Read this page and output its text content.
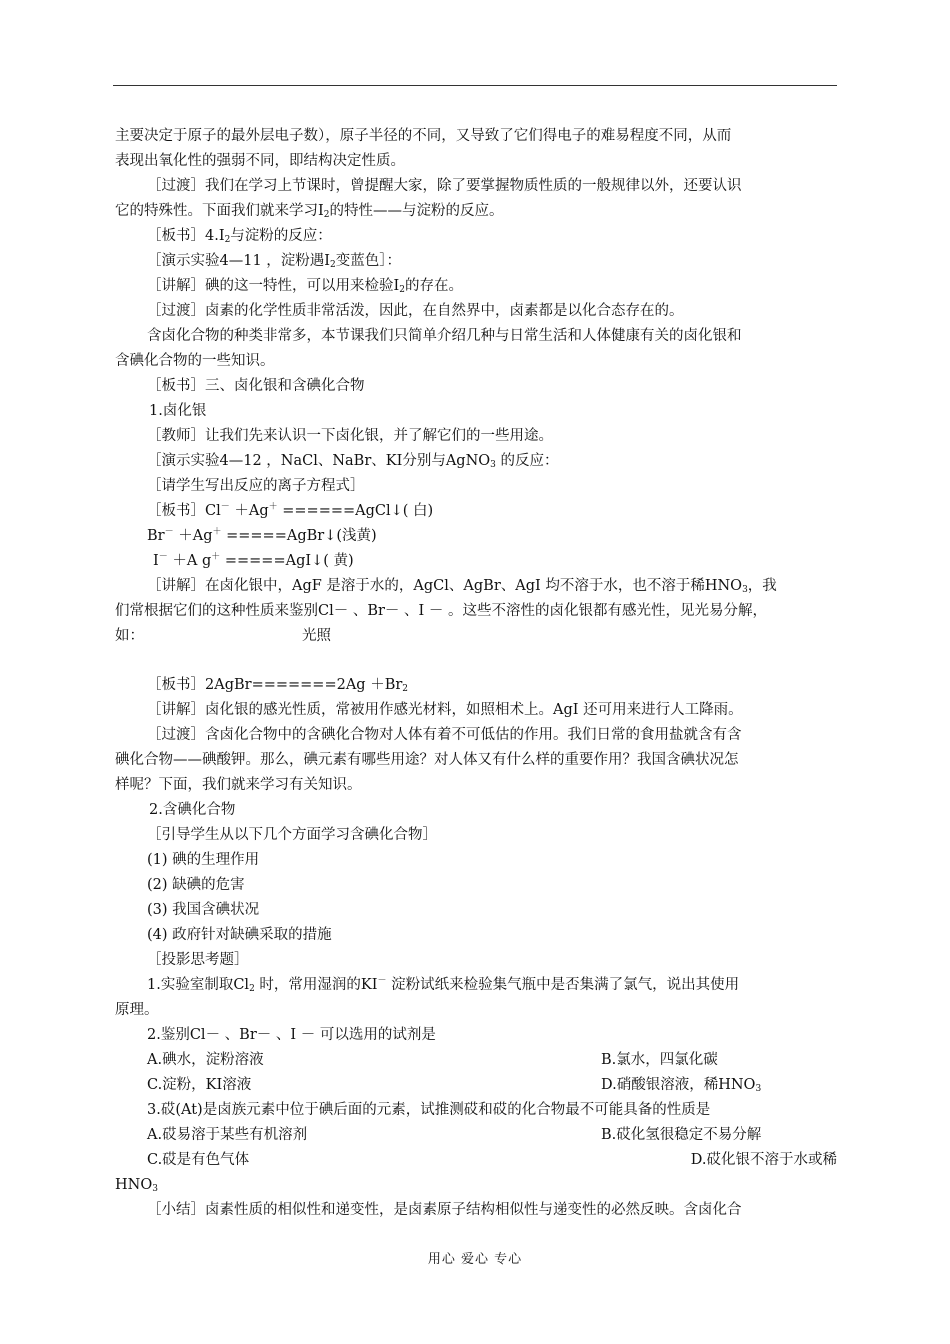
主要决定于原子的最外层电子数），原子半径的不同，又导致了它们得电子的难易程度不同，从而
表现出氧化性的强弱不同，即结构决定性质。
［过渡］我们在学习上节课时，曾提醒大家，除了要掌握物质性质的一般规律以外，还要认识
它的特殊性。下面我们就来学习$I_2$的特性——与淀粉的反应。
［板书$]4.I_2$与淀粉的反应：
［演示实验4—11 ，淀粉遇$I_2$变蓝色］：
［讲解］碘的这一特性，可以用来检验$I_2$的存在。
［过渡］卤素的化学性质非常活泼，因此，在自然界中，卤素都是以化合态存在的。
含卤化合物的种类非常多，本节课我们只简单介绍几种与日常生活和人体健康有关的卤化银和
含碘化合物的一些知识。
［板书］三、卤化银和含碘化合物
1.卤化银
［教师］让我们先来认识一下卤化银，并了解它们的一些用途。
［演示实验4—12 ，NaCl、NaBr、KI分别与AgNO$_3$ 的反应：
［请学生写出反应的离子方程式］
［板书］Cl－ ＋Ag＋ ======AgCl↓( 白)
Br－ ＋Ag＋ =====AgBr↓(浅黄)
I－ ＋A g＋ =====AgI↓( 黄)
［讲解］在卤化银中，AgF 是溶于水的，AgCl、AgBr、AgI 均不溶于水，也不溶于稀$HNO_3$，我
们常根据它们的这种性质来鉴别Cl－ 、Br－ 、I － 。这些不溶性的卤化银都有感光性，见光易分解，
如：	光照
［板书］2AgBr=======2Ag $+Br_2$
［讲解］卤化银的感光性质，常被用作感光材料，如照相术上。AgI 还可用来进行人工降雨。
［过渡］含卤化合物中的含碘化合物对人体有着不可低估的作用。我们日常的食用盐就含有含
碘化合物——碘酸钾。那么，碘元素有哪些用途？对人体又有什么样的重要作用？我国含碘状况怎
样呢？下面，我们就来学习有关知识。
2.含碘化合物
［引导学生从以下几个方面学习含碘化合物］
(1) 碘的生理作用
(2) 缺碘的危害
(3) 我国含碘状况
(4) 政府针对缺碘采取的措施
［投影思考题］
1.实验室制取$Cl_2$ 时，常用湿润的KI－ 淀粉试纸来检验集气瓶中是否集满了氯气，说出其使用
原理。
2.鉴别Cl－ 、Br－ 、I － 可以选用的试剂是
A.碘水，淀粉溶液	B.氯水，四氯化碳
C.淀粉，KI溶液	D.硝酸银溶液，稀$HNO_3$
3.砹(At)是卤族元素中位于碘后面的元素，试推测砹和砹的化合物最不可能具备的性质是
A.砹易溶于某些有机溶剂	B.砹化氢很稳定不易分解
C.砹是有色气体	D.砹化银不溶于水或稀
$HNO_3$
［小结］卤素性质的相似性和递变性，是卤素原子结构相似性与递变性的必然反映。含卤化合
用心 爱心 专心
